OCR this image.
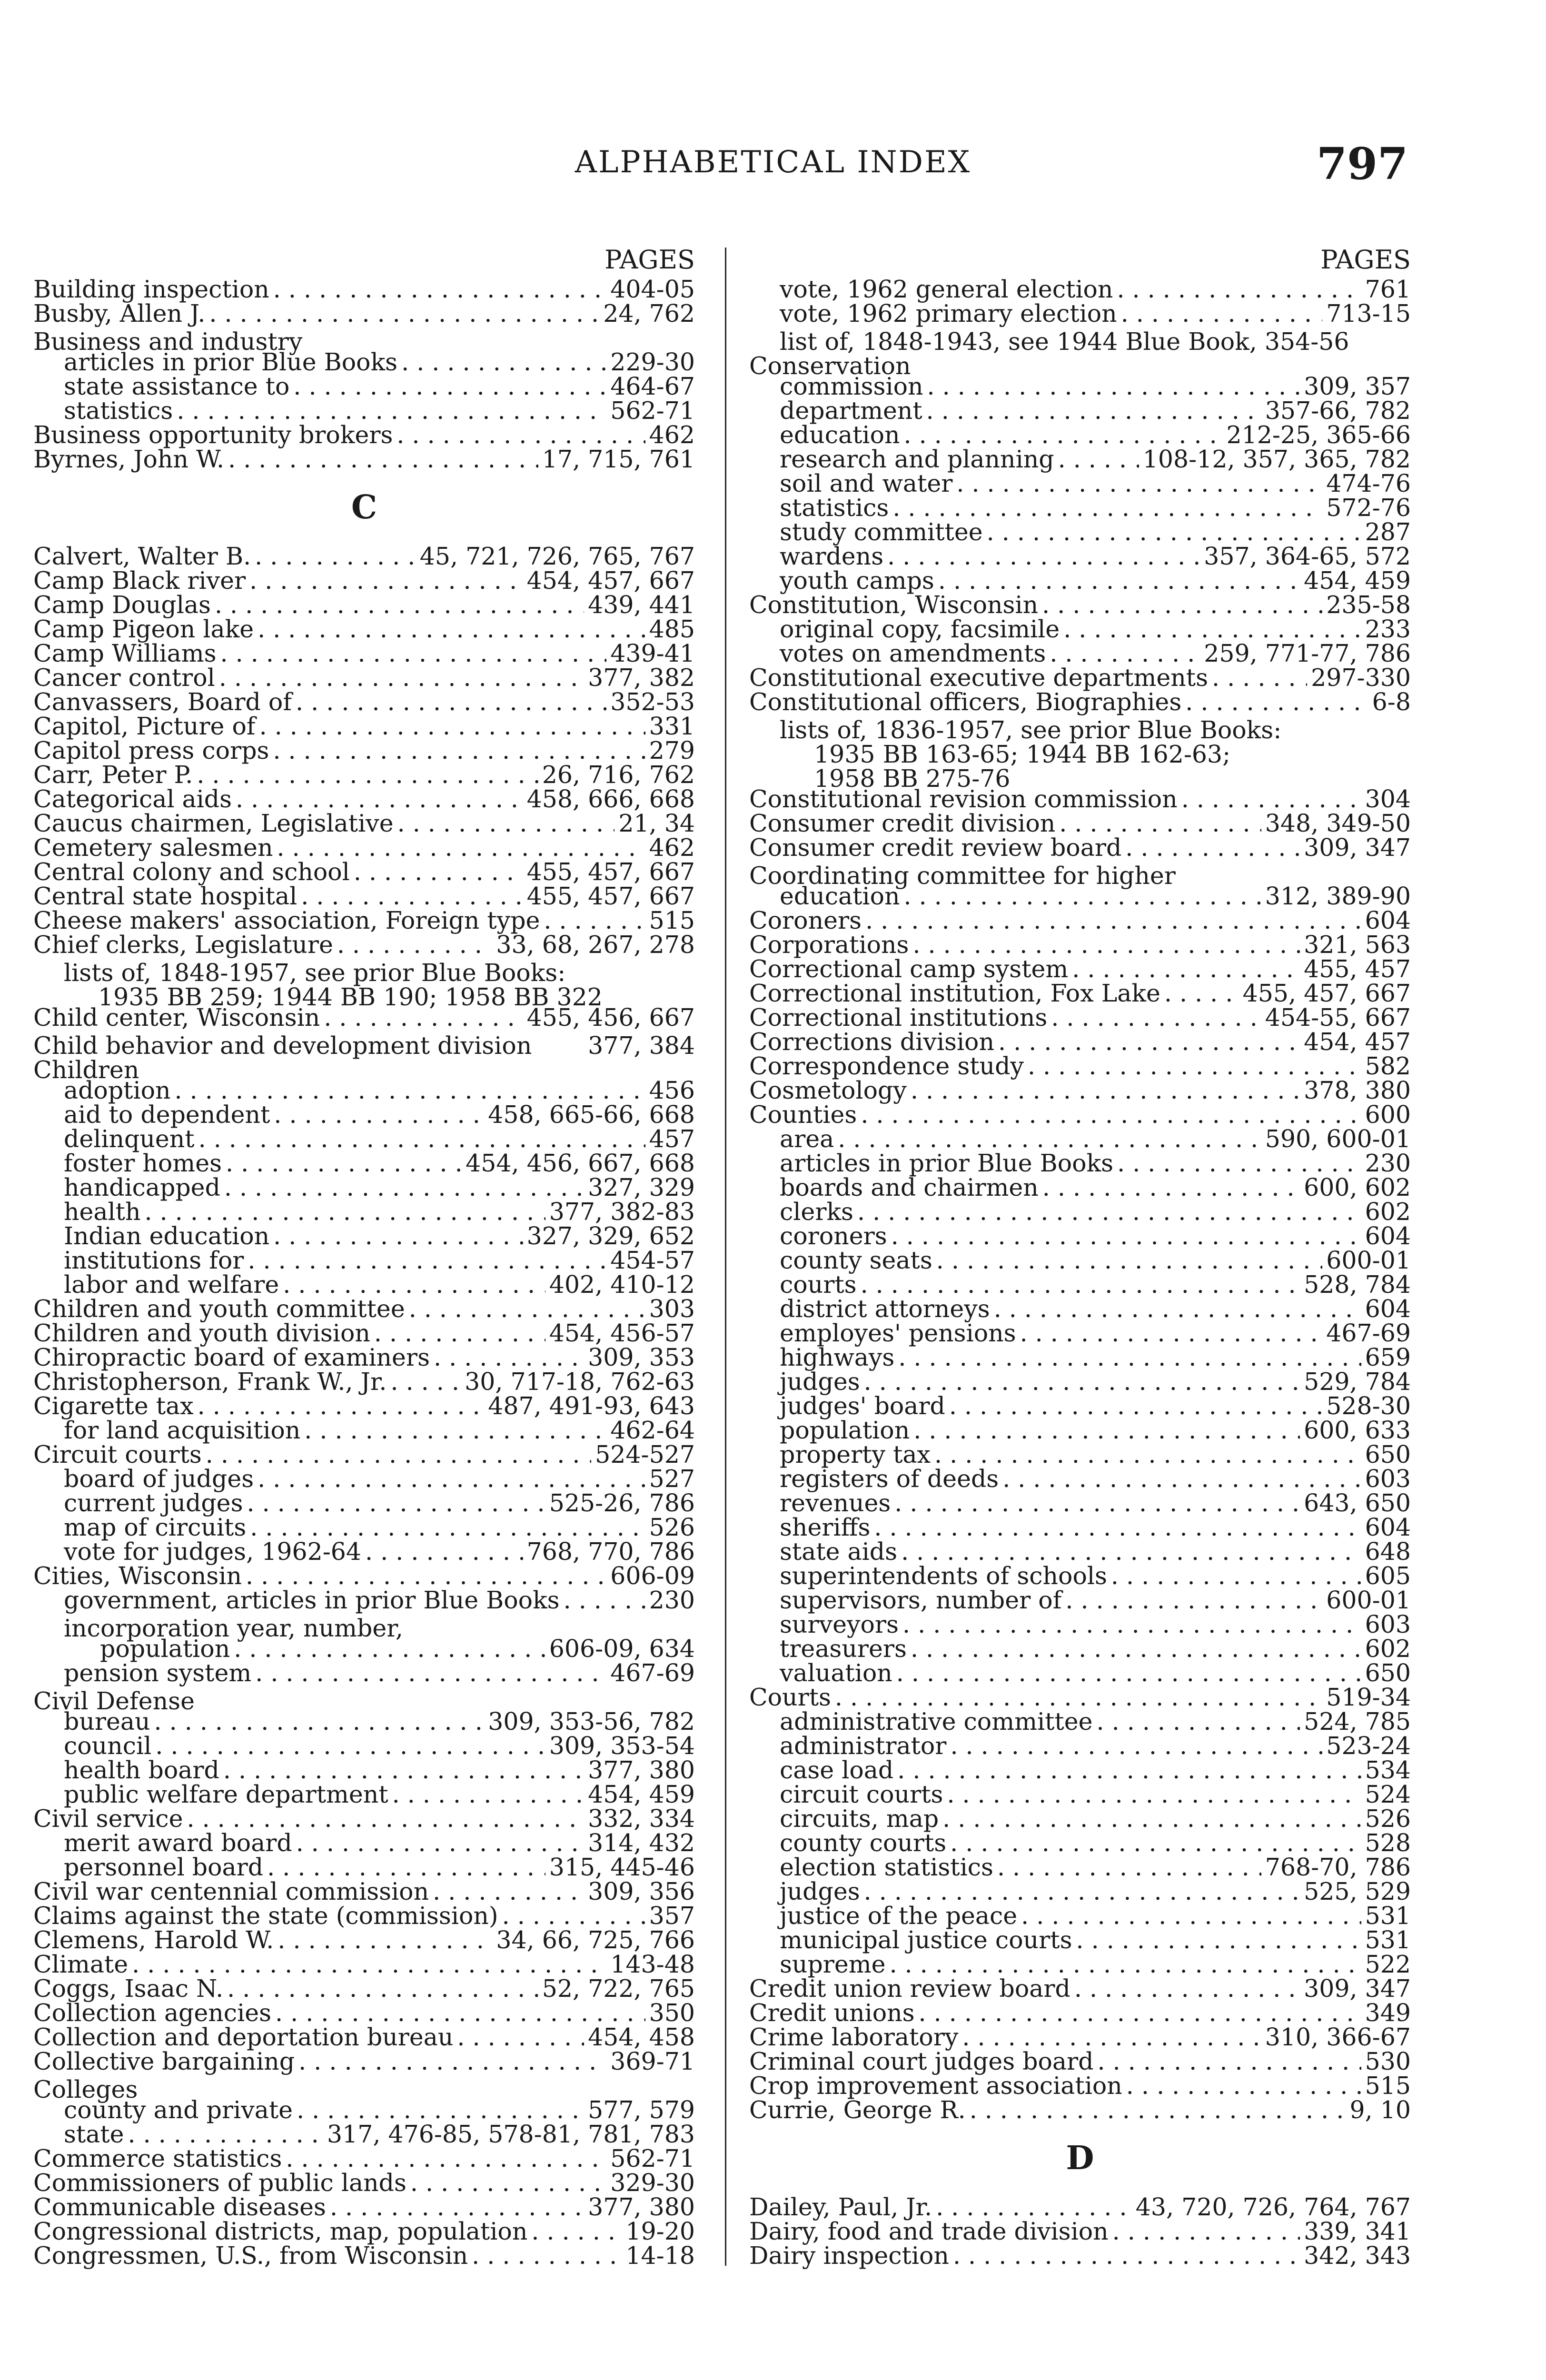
ALPHABETICAL INDEX	797
PAGES
Building inspection . . .	404-05
Busby, Allen J. . . .	24, 762
Business and industry
articles in prior Blue Books . . .	229-30
state assistance to . . .	464-67
statistics . . .	562-71
Business opportunity brokers . . .	462
Byrnes, John W. . . .	17, 715, 761
C
Calvert, Walter B. . . .	45, 721, 726, 765, 767
Camp Black river . . .	454, 457, 667
Camp Douglas . . .	439, 441
Camp Pigeon lake . . .	485
Camp Williams . . .	439-41
Cancer control . . .	377, 382
Canvassers, Board of . . .	352-53
Capitol, Picture of . . .	331
Capitol press corps . . .	279
Carr, Peter P. . . .	26, 716, 762
Categorical aids . . .	458, 666, 668
Caucus chairmen, Legislative . . .	21, 34
Cemetery salesmen . . .	462
Central colony and school . . .	455, 457, 667
Central state hospital . . .	455, 457, 667
Cheese makers' association, Foreign type . . .	515
Chief clerks, Legislature . . .	33, 68, 267, 278
lists of, 1848-1957, see prior Blue Books:
1935 BB 259; 1944 BB 190; 1958 BB 322
Child center, Wisconsin . . .	455, 456, 667
Child behavior and development division 377, 384
Children
adoption . . .	456
aid to dependent . . .	458, 665-66, 668
delinquent . . .	457
foster homes . . .	454, 456, 667, 668
handicapped . . .	327, 329
health . . .	377, 382-83
Indian education . . .	327, 329, 652
institutions for . . .	454-57
labor and welfare . . .	402, 410-12
Children and youth committee . . .	303
Children and youth division . . .	454, 456-57
Chiropractic board of examiners . . .	309, 353
Christopherson, Frank W., Jr. . . .	30, 717-18, 762-63
Cigarette tax . . .	487, 491-93, 643
for land acquisition . . .	462-64
Circuit courts . . .	524-527
board of judges . . .	527
current judges . . .	525-26, 786
map of circuits . . .	526
vote for judges, 1962-64 . . .	768, 770, 786
Cities, Wisconsin . . .	606-09
government, articles in prior Blue Books . . .	230
incorporation year, number,
population . . .	606-09, 634
pension system . . .	467-69
Civil Defense
bureau . . .	309, 353-56, 782
council . . .	309, 353-54
health board . . .	377, 380
public welfare department . . .	454, 459
Civil service . . .	332, 334
merit award board . . .	314, 432
personnel board . . .	315, 445-46
Civil war centennial commission . . .	309, 356
Claims against the state (commission) . . .	357
Clemens, Harold W. . . .	34, 66, 725, 766
Climate . . .	143-48
Coggs, Isaac N. . . .	52, 722, 765
Collection agencies . . .	350
Collection and deportation bureau . . .	454, 458
Collective bargaining . . .	369-71
Colleges
county and private . . .	577, 579
state . . .	317, 476-85, 578-81, 781, 783
Commerce statistics . . .	562-71
Commissioners of public lands . . .	329-30
Communicable diseases . . .	377, 380
Congressional districts, map, population . . .	19-20
Congressmen, U.S., from Wisconsin . . .	14-18
PAGES
vote, 1962 general election . . .	761
vote, 1962 primary election . . .	713-15
list of, 1848-1943, see 1944 Blue Book, 354-56
Conservation
commission . . .	309, 357
department . . .	357-66, 782
education . . .	212-25, 365-66
research and planning . . .	108-12, 357, 365, 782
soil and water . . .	474-76
statistics . . .	572-76
study committee . . .	287
wardens . . .	357, 364-65, 572
youth camps . . .	454, 459
Constitution, Wisconsin . . .	235-58
original copy, facsimile . . .	233
votes on amendments . . .	259, 771-77, 786
Constitutional executive departments . . .	297-330
Constitutional officers, Biographies . . .	6-8
lists of, 1836-1957, see prior Blue Books:
1935 BB 163-65; 1944 BB 162-63;
1958 BB 275-76
Constitutional revision commission . . .	304
Consumer credit division . . .	348, 349-50
Consumer credit review board . . .	309, 347
Coordinating committee for higher
education . . .	312, 389-90
Coroners . . .	604
Corporations . . .	321, 563
Correctional camp system . . .	455, 457
Correctional institution, Fox Lake . . .	455, 457, 667
Correctional institutions . . .	454-55, 667
Corrections division . . .	454, 457
Correspondence study . . .	582
Cosmetology . . .	378, 380
Counties . . .	600
area . . .	590, 600-01
articles in prior Blue Books . . .	230
boards and chairmen . . .	600, 602
clerks . . .	602
coroners . . .	604
county seats . . .	600-01
courts . . .	528, 784
district attorneys . . .	604
employes' pensions . . .	467-69
highways . . .	659
judges . . .	529, 784
judges' board . . .	528-30
population . . .	600, 633
property tax . . .	650
registers of deeds . . .	603
revenues . . .	643, 650
sheriffs . . .	604
state aids . . .	648
superintendents of schools . . .	605
supervisors, number of . . .	600-01
surveyors . . .	603
treasurers . . .	602
valuation . . .	650
Courts . . .	519-34
administrative committee . . .	524, 785
administrator . . .	523-24
case load . . .	534
circuit courts . . .	524
circuits, map . . .	526
county courts . . .	528
election statistics . . .	768-70, 786
judges . . .	525, 529
justice of the peace . . .	531
municipal justice courts . . .	531
supreme . . .	522
Credit union review board . . .	309, 347
Credit unions . . .	349
Crime laboratory . . .	310, 366-67
Criminal court judges board . . .	530
Crop improvement association . . .	515
Currie, George R. . . .	9, 10
D
Dailey, Paul, Jr. . . .	43, 720, 726, 764, 767
Dairy, food and trade division . . .	339, 341
Dairy inspection . . .	342, 343
